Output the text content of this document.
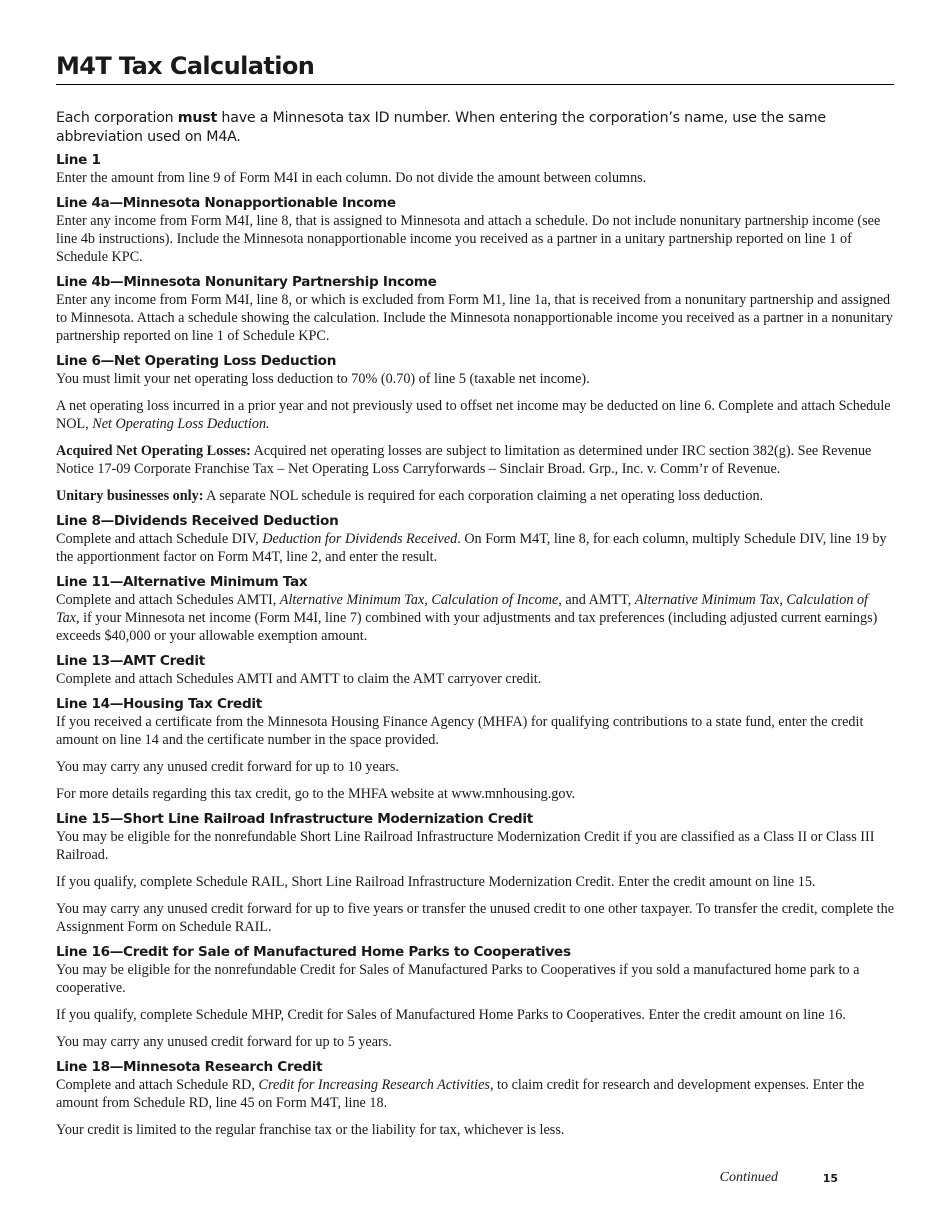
M4T Tax Calculation
Each corporation must have a Minnesota tax ID number. When entering the corporation’s name, use the same abbreviation used on M4A.
Line 1

Enter the amount from line 9 of Form M4I in each column. Do not divide the amount between columns.

Line 4a—Minnesota Nonapportionable Income

Enter any income from Form M4I, line 8, that is assigned to Minnesota and attach a schedule. Do not include nonunitary partnership income (see line 4b instructions). Include the Minnesota nonapportionable income you received as a partner in a unitary partnership reported on line 1 of Schedule KPC.

Line 4b—Minnesota Nonunitary Partnership Income

Enter any income from Form M4I, line 8, or which is excluded from Form M1, line 1a, that is received from a nonunitary partnership and assigned to Minnesota. Attach a schedule showing the calculation. Include the Minnesota nonapportionable income you received as a partner in a nonunitary partnership reported on line 1 of Schedule KPC.

Line 6—Net Operating Loss Deduction

You must limit your net operating loss deduction to 70% (0.70) of line 5 (taxable net income).

A net operating loss incurred in a prior year and not previously used to offset net income may be deducted on line 6. Complete and attach Schedule NOL, Net Operating Loss Deduction.

Acquired Net Operating Losses: Acquired net operating losses are subject to limitation as determined under IRC section 382(g). See Revenue Notice 17-09 Corporate Franchise Tax – Net Operating Loss Carryforwards – Sinclair Broad. Grp., Inc. v. Comm’r of Revenue.

Unitary businesses only: A separate NOL schedule is required for each corporation claiming a net operating loss deduction.

Line 8—Dividends Received Deduction

Complete and attach Schedule DIV, Deduction for Dividends Received. On Form M4T, line 8, for each column, multiply Schedule DIV, line 19 by the apportionment factor on Form M4T, line 2, and enter the result.

Line 11—Alternative Minimum Tax

Complete and attach Schedules AMTI, Alternative Minimum Tax, Calculation of Income, and AMTT, Alternative Minimum Tax, Calculation of Tax, if your Minnesota net income (Form M4I, line 7) combined with your adjustments and tax preferences (including adjusted current earnings) exceeds $40,000 or your allowable exemption amount.

Line 13—AMT Credit

Complete and attach Schedules AMTI and AMTT to claim the AMT carryover credit.

Line 14—Housing Tax Credit

If you received a certificate from the Minnesota Housing Finance Agency (MHFA) for qualifying contributions to a state fund, enter the credit amount on line 14 and the certificate number in the space provided.

You may carry any unused credit forward for up to 10 years.

For more details regarding this tax credit, go to the MHFA website at www.mnhousing.gov.

Line 15—Short Line Railroad Infrastructure Modernization Credit

You may be eligible for the nonrefundable Short Line Railroad Infrastructure Modernization Credit if you are classified as a Class II or Class III Railroad.

If you qualify, complete Schedule RAIL, Short Line Railroad Infrastructure Modernization Credit. Enter the credit amount on line 15.

You may carry any unused credit forward for up to five years or transfer the unused credit to one other taxpayer. To transfer the credit, complete the Assignment Form on Schedule RAIL.

Line 16—Credit for Sale of Manufactured Home Parks to Cooperatives

You may be eligible for the nonrefundable Credit for Sales of Manufactured Parks to Cooperatives if you sold a manufactured home park to a cooperative.

If you qualify, complete Schedule MHP, Credit for Sales of Manufactured Home Parks to Cooperatives. Enter the credit amount on line 16.

You may carry any unused credit forward for up to 5 years.

Line 18—Minnesota Research Credit

Complete and attach Schedule RD, Credit for Increasing Research Activities, to claim credit for research and development expenses. Enter the amount from Schedule RD, line 45 on Form M4T, line 18.

Your credit is limited to the regular franchise tax or the liability for tax, whichever is less.

Continued	15
